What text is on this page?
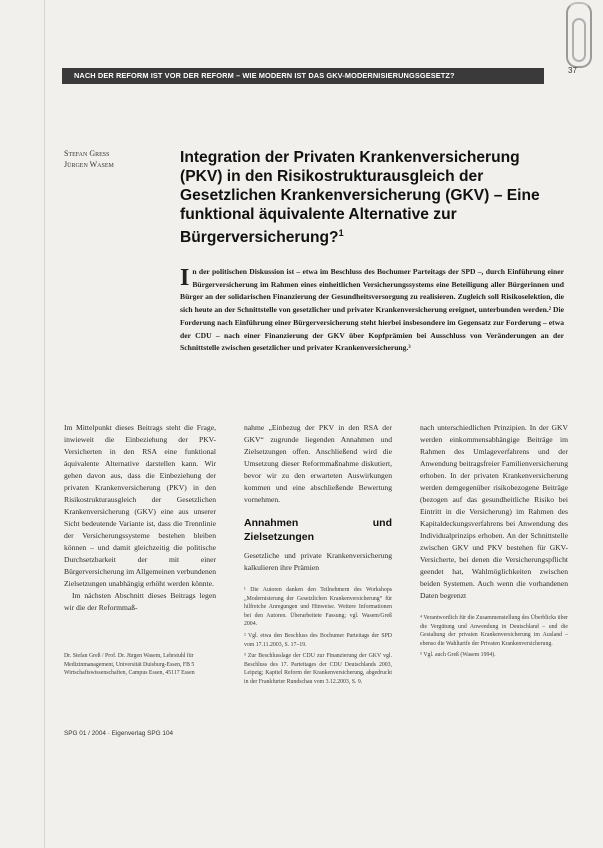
NACH DER REFORM IST VOR DER REFORM – WIE MODERN IST DAS GKV-MODERNISIERUNGSGESETZ?
37
Stefan Greß
Jürgen Wasem	Integration der Privaten Krankenversicherung (PKV) in den Risikostrukturausgleich der Gesetzlichen Krankenversicherung (GKV) – Eine funktional äquivalente Alternative zur Bürgerversicherung?$^1$
I n der politischen Diskussion ist – etwa im Beschluss des Bochumer Parteitags der SPD –, durch Einführung einer Bürgerversicherung im Rahmen eines einheitlichen Versicherungssystems eine Beteiligung aller Bürgerinnen und Bürger an der solidarischen Finanzierung der Gesundheitsversorgung zu realisieren. Zugleich soll Risikoselektion, die sich heute an der Schnittstelle von gesetzlicher und privater Krankenversicherung ereignet, unterbunden werden.² Die Forderung nach Einführung einer Bürgerversicherung steht hierbei insbesondere im Gegensatz zur Forderung – etwa der CDU – nach einer Finanzierung der GKV über Kopfprämien bei Ausschluss von Veränderungen an der Schnittstelle zwischen gesetzlicher und privater Krankenversicherung.³

Im Mittelpunkt dieses Beitrags steht die Frage, inwieweit die Einbeziehung der PKV-Versicherten in den RSA eine funktional äquivalente Alternative darstellen kann. Wir gehen davon aus, dass die Einbeziehung der privaten Krankenversicherung (PKV) in den Risikostrukturausgleich der Gesetzlichen Krankenversicherung (GKV) eine aus unserer Sicht bedeutende Variante ist, dass die Trennlinie der Versicherungssysteme bestehen bleiben können – und damit gleichzeitig die politische Durchsetzbarkeit der mit einer Bürgerversicherung im Allgemeinen verbundenen Zielsetzungen unabhängig erhöht werden könnte.

Im nächsten Abschnitt dieses Beitrags legen wir die der Reformmaß-

Dr. Stefan Greß / Prof. Dr. Jürgen Wasem, Lehrstuhl für Medizinmanagement, Universität Duisburg-Essen, FB 5 Wirtschaftswissenschaften, Campus Essen, 45117 Essen

nahme „Einbezug der PKV in den RSA der GKV“ zugrunde liegenden Annahmen und Zielsetzungen offen. Anschließend wird die Umsetzung dieser Reformmaßnahme diskutiert, bevor wir zu den erwarteten Auswirkungen kommen und eine abschließende Bewertung vornehmen.

Annahmen und Zielsetzungen

Gesetzliche und private Krankenversicherung kalkulieren ihre Prämien

¹ Die Autoren danken den Teilnehmern des Workshops „Modernisierung der Gesetzlichen Krankenversicherung“ für hilfreiche Anregungen und Hinweise. Weitere Informationen bei den Autoren. Überarbeitete Fassung; vgl. Wasem/Greß 2004.

² Vgl. etwa den Beschluss des Bochumer Parteitags der SPD vom 17.11.2003, S. 17–19.

³ Zur Beschlusslage der CDU zur Finanzierung der GKV vgl. Beschluss des 17. Parteitages der CDU Deutschlands 2003, Leipzig; Kapitel Reform der Krankenversicherung, abgedruckt in der Frankfurter Rundschau vom 3.12.2003, S. 9.

nach unterschiedlichen Prinzipien. In der GKV werden einkommensabhängige Beiträge im Rahmen des Umlageverfahrens und der Anwendung beitragsfreier Familienversicherung erhoben. In der privaten Krankenversicherung werden demgegenüber risikobezogene Beiträge (bezogen auf das gesundheitliche Risiko bei Eintritt in die Versicherung) im Rahmen des Kapitaldeckungsverfahrens bei Anwendung des Individualprinzips erhoben. An der Schnittstelle zwischen GKV und PKV bestehen für GKV-Versicherte, bei denen die Versicherungspflicht geendet hat, Wahlmöglichkeiten zwischen beiden Systemen. Auch wenn die vorhandenen Daten begrenzt

⁴ Verantwortlich für die Zusammenstellung des Überblicks über die Vergütung und Anwendung in Deutschland – und die Gestaltung der privaten Krankenversicherung im Ausland – ebenso die Wahltarife der Privaten Krankenversicherung.

⁵ Vgl. auch Greß (Wasem 1994).

SPG 01 / 2004 · Eigenverlag SPG 104
